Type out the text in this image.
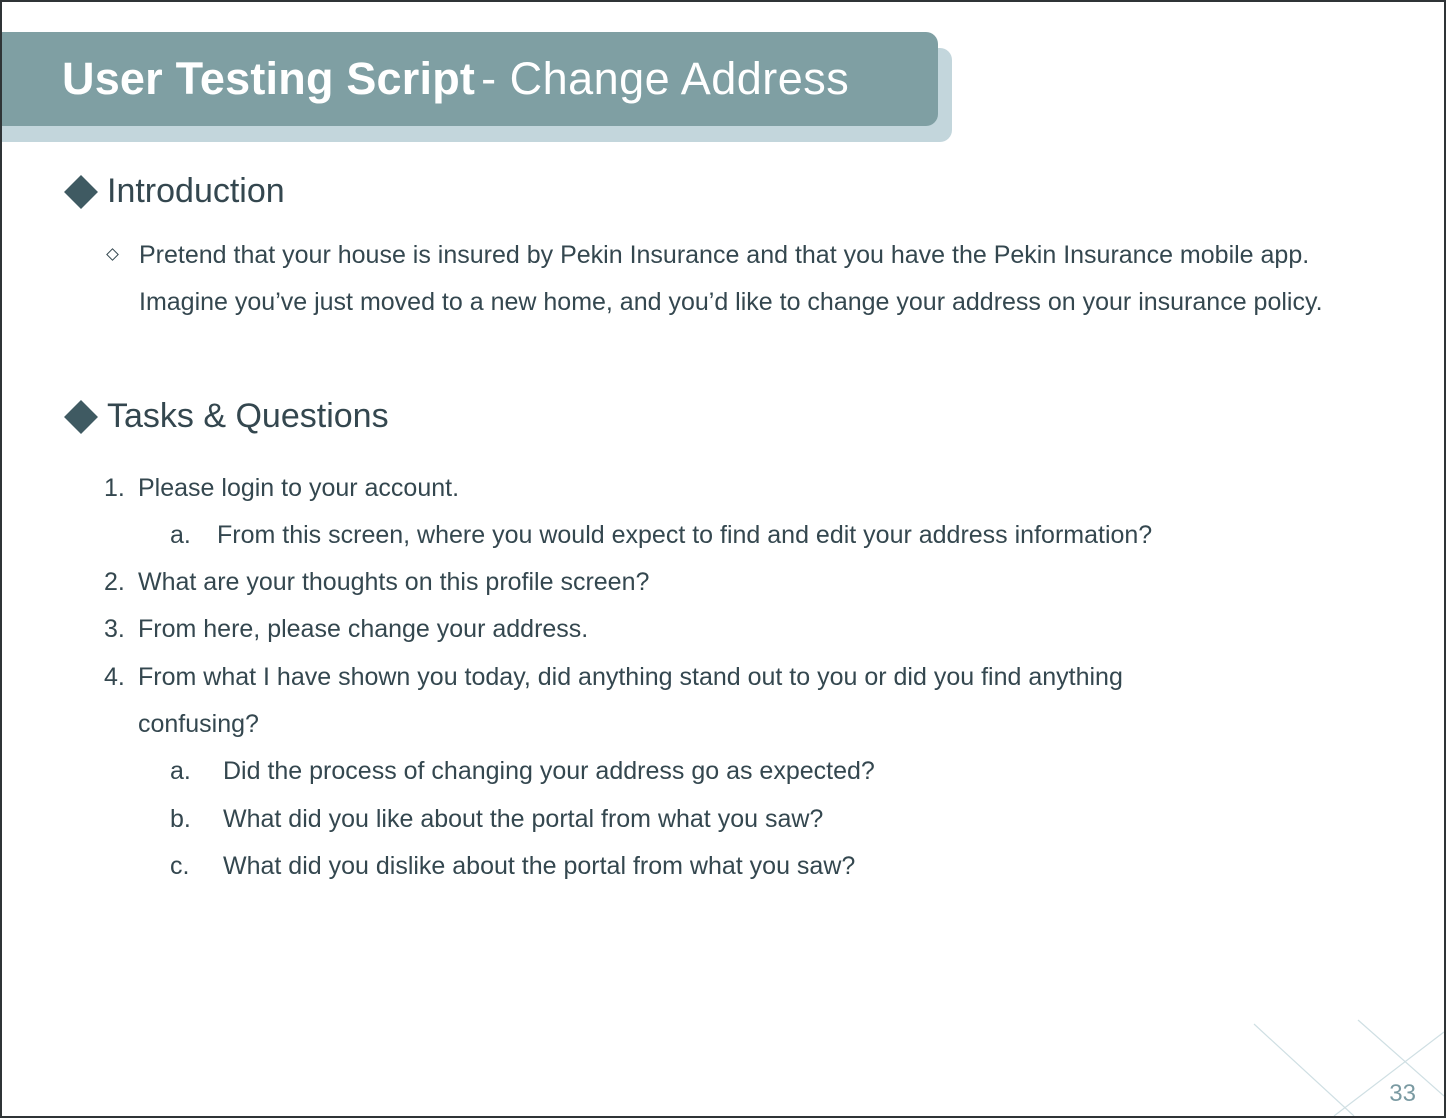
User Testing Script - Change Address
Introduction
Pretend that your house is insured by Pekin Insurance and that you have the Pekin Insurance mobile app. Imagine you’ve just moved to a new home, and you’d like to change your address on your insurance policy.
Tasks & Questions
1. Please login to your account.
a. From this screen, where you would expect to find and edit your address information?
2. What are your thoughts on this profile screen?
3. From here, please change your address.
4. From what I have shown you today, did anything stand out to you or did you find anything
confusing?
a. Did the process of changing your address go as expected?
b. What did you like about the portal from what you saw?
c. What did you dislike about the portal from what you saw?
33
